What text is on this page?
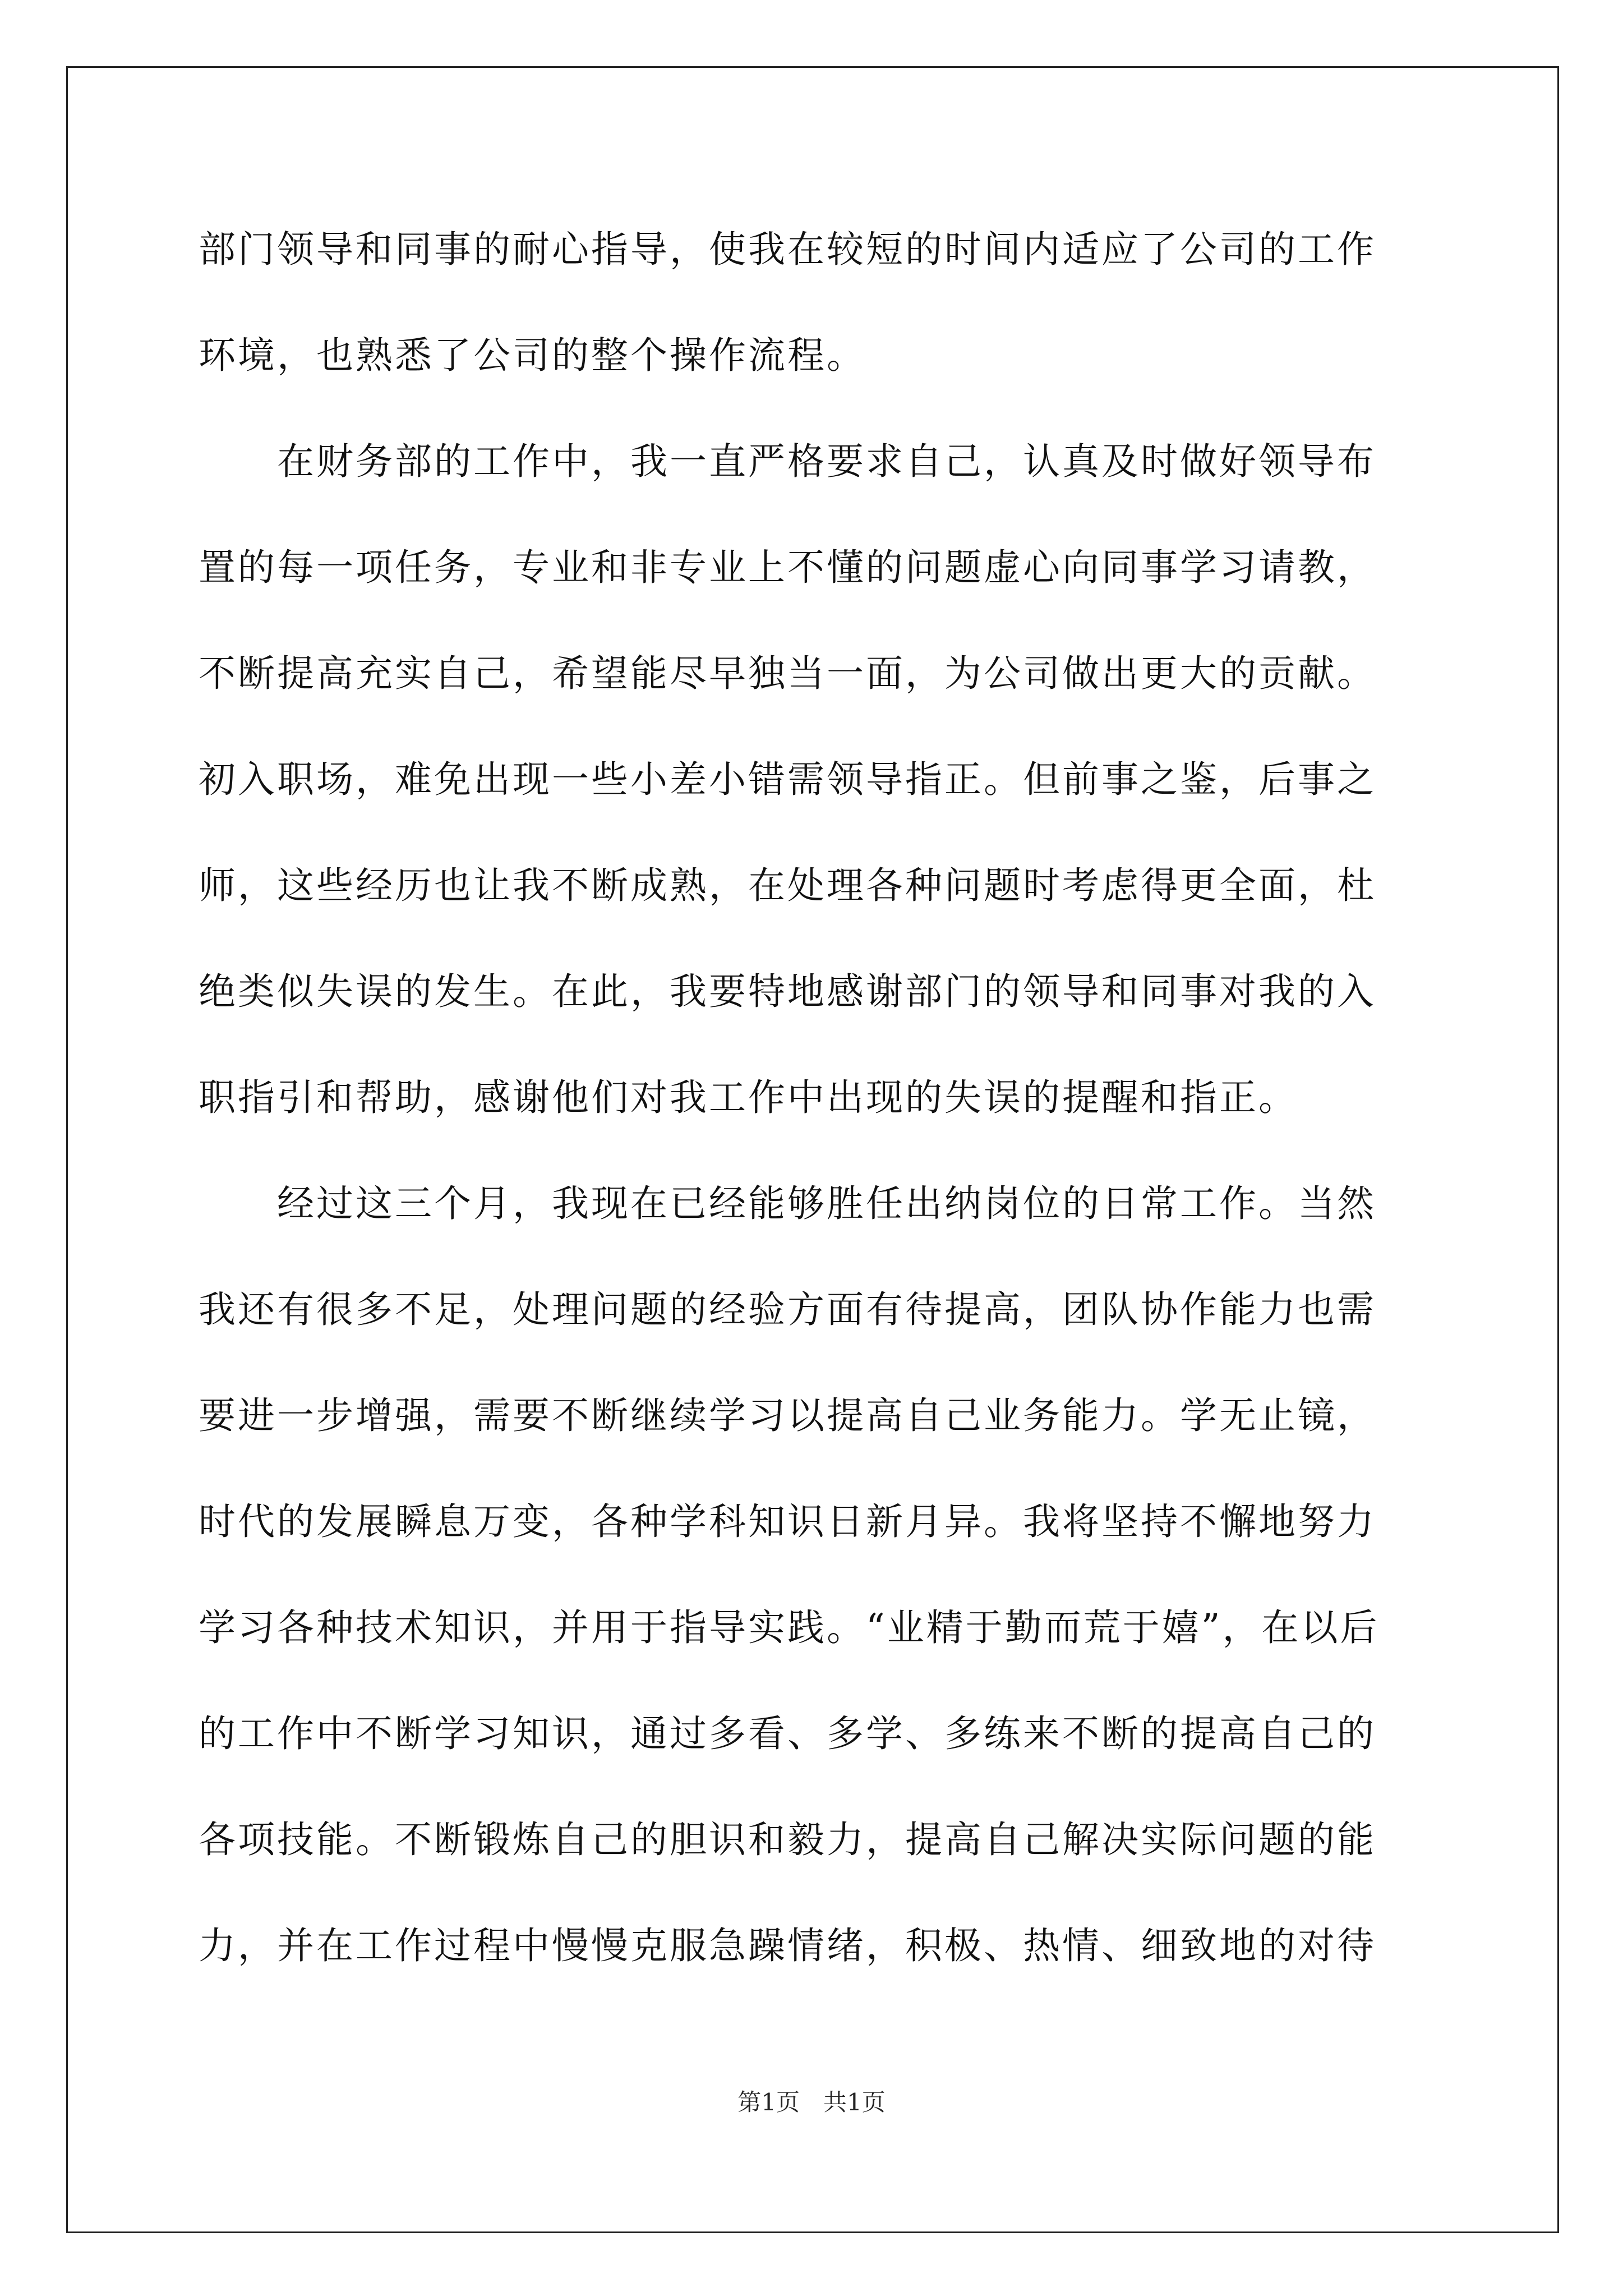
部门领导和同事的耐心指导，使我在较短的时间内适应了公司的工作
环境，也熟悉了公司的整个操作流程。
　　在财务部的工作中，我一直严格要求自己，认真及时做好领导布
置的每一项任务，专业和非专业上不懂的问题虚心向同事学习请教，
不断提高充实自己，希望能尽早独当一面，为公司做出更大的贡献。
初入职场，难免出现一些小差小错需领导指正。但前事之鉴，后事之
师，这些经历也让我不断成熟，在处理各种问题时考虑得更全面，杜
绝类似失误的发生。在此，我要特地感谢部门的领导和同事对我的入
职指引和帮助，感谢他们对我工作中出现的失误的提醒和指正。
　　经过这三个月，我现在已经能够胜任出纳岗位的日常工作。当然
我还有很多不足，处理问题的经验方面有待提高，团队协作能力也需
要进一步增强，需要不断继续学习以提高自己业务能力。学无止镜，
时代的发展瞬息万变，各种学科知识日新月异。我将坚持不懈地努力
学习各种技术知识，并用于指导实践。“业精于勤而荒于嬉”，在以后
的工作中不断学习知识，通过多看、多学、多练来不断的提高自己的
各项技能。不断锻炼自己的胆识和毅力，提高自己解决实际问题的能
力，并在工作过程中慢慢克服急躁情绪，积极、热情、细致地的对待
第1页　共1页
